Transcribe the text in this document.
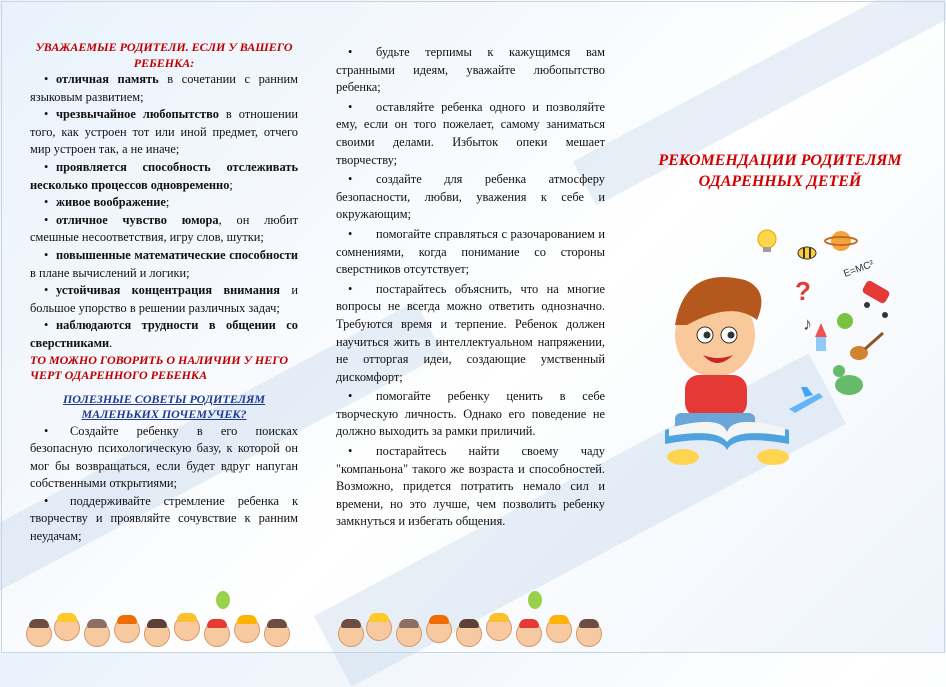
УВАЖАЕМЫЕ РОДИТЕЛИ. ЕСЛИ У ВАШЕГО РЕБЕНКА:
• отличная память в сочетании с ранним языковым развитием;
• чрезвычайное любопытство в отношении того, как устроен тот или иной предмет, отчего мир устроен так, а не иначе;
• проявляется способность отслеживать несколько процессов одновременно;
• живое воображение;
• отличное чувство юмора, он любит смешные несоответствия, игру слов, шутки;
• повышенные математические способности в плане вычислений и логики;
• устойчивая концентрация внимания и большое упорство в решении различных задач;
• наблюдаются трудности в общении со сверстниками.
ТО МОЖНО ГОВОРИТЬ О НАЛИЧИИ У НЕГО ЧЕРТ ОДАРЕННОГО РЕБЕНКА
ПОЛЕЗНЫЕ СОВЕТЫ РОДИТЕЛЯМ МАЛЕНЬКИХ ПОЧЕМУЧЕК?
• Создайте ребенку в его поисках безопасную психологическую базу, к которой он мог бы возвращаться, если будет вдруг напуган собственными открытиями;
• поддерживайте стремление ребенка к творчеству и проявляйте сочувствие к ранним неудачам;
• будьте терпимы к кажущимся вам странными идеям, уважайте любопытство ребенка;
• оставляйте ребенка одного и позволяйте ему, если он того пожелает, самому заниматься своими делами. Избыток опеки мешает творчеству;
• создайте для ребенка атмосферу безопасности, любви, уважения к себе и окружающим;
• помогайте справляться с разочарованием и сомнениями, когда понимание со стороны сверстников отсутствует;
• постарайтесь объяснить, что на многие вопросы не всегда можно ответить однозначно. Требуются время и терпение. Ребенок должен научиться жить в интеллектуальном напряжении, не отторгая идеи, создающие умственный дискомфорт;
• помогайте ребенку ценить в себе творческую личность. Однако его поведение не должно выходить за рамки приличий.
• постарайтесь найти своему чаду "компаньона" такого же возраста и способностей. Возможно, придется потратить немало сил и времени, но это лучше, чем позволить ребенку замкнуться и избегать общения.
РЕКОМЕНДАЦИИ РОДИТЕЛЯМ ОДАРЕННЫХ ДЕТЕЙ
E=MC²
?
♪
